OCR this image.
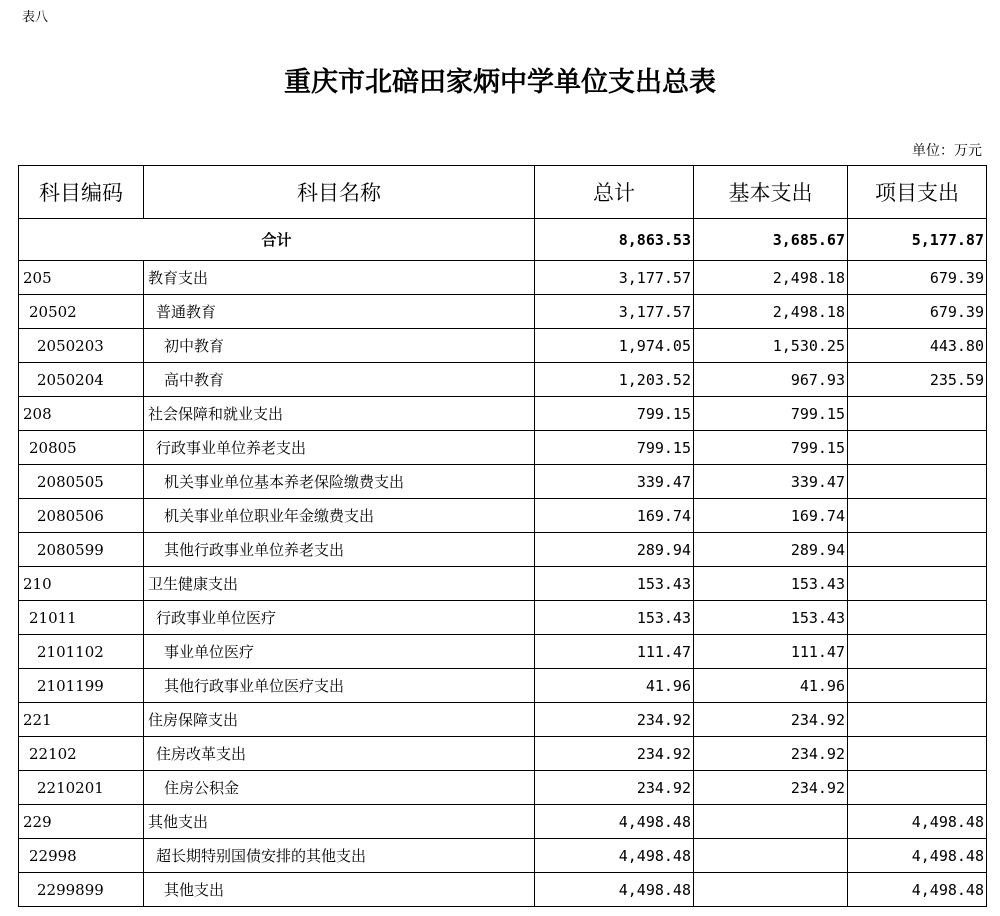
表八
重庆市北碚田家炳中学单位支出总表
单位：万元
科目编码	科目名称	总计	基本支出	项目支出
合计		8,863.53	3,685.67	5,177.87
205	教育支出	3,177.57	2,498.18	679.39
20502	普通教育	3,177.57	2,498.18	679.39
2050203	初中教育	1,974.05	1,530.25	443.80
2050204	高中教育	1,203.52	967.93	235.59
208	社会保障和就业支出	799.15	799.15	
20805	行政事业单位养老支出	799.15	799.15	
2080505	机关事业单位基本养老保险缴费支出	339.47	339.47	
2080506	机关事业单位职业年金缴费支出	169.74	169.74	
2080599	其他行政事业单位养老支出	289.94	289.94	
210	卫生健康支出	153.43	153.43	
21011	行政事业单位医疗	153.43	153.43	
2101102	事业单位医疗	111.47	111.47	
2101199	其他行政事业单位医疗支出	41.96	41.96	
221	住房保障支出	234.92	234.92	
22102	住房改革支出	234.92	234.92	
2210201	住房公积金	234.92	234.92	
229	其他支出	4,498.48		4,498.48
22998	超长期特别国债安排的其他支出	4,498.48		4,498.48
2299899	其他支出	4,498.48		4,498.48
